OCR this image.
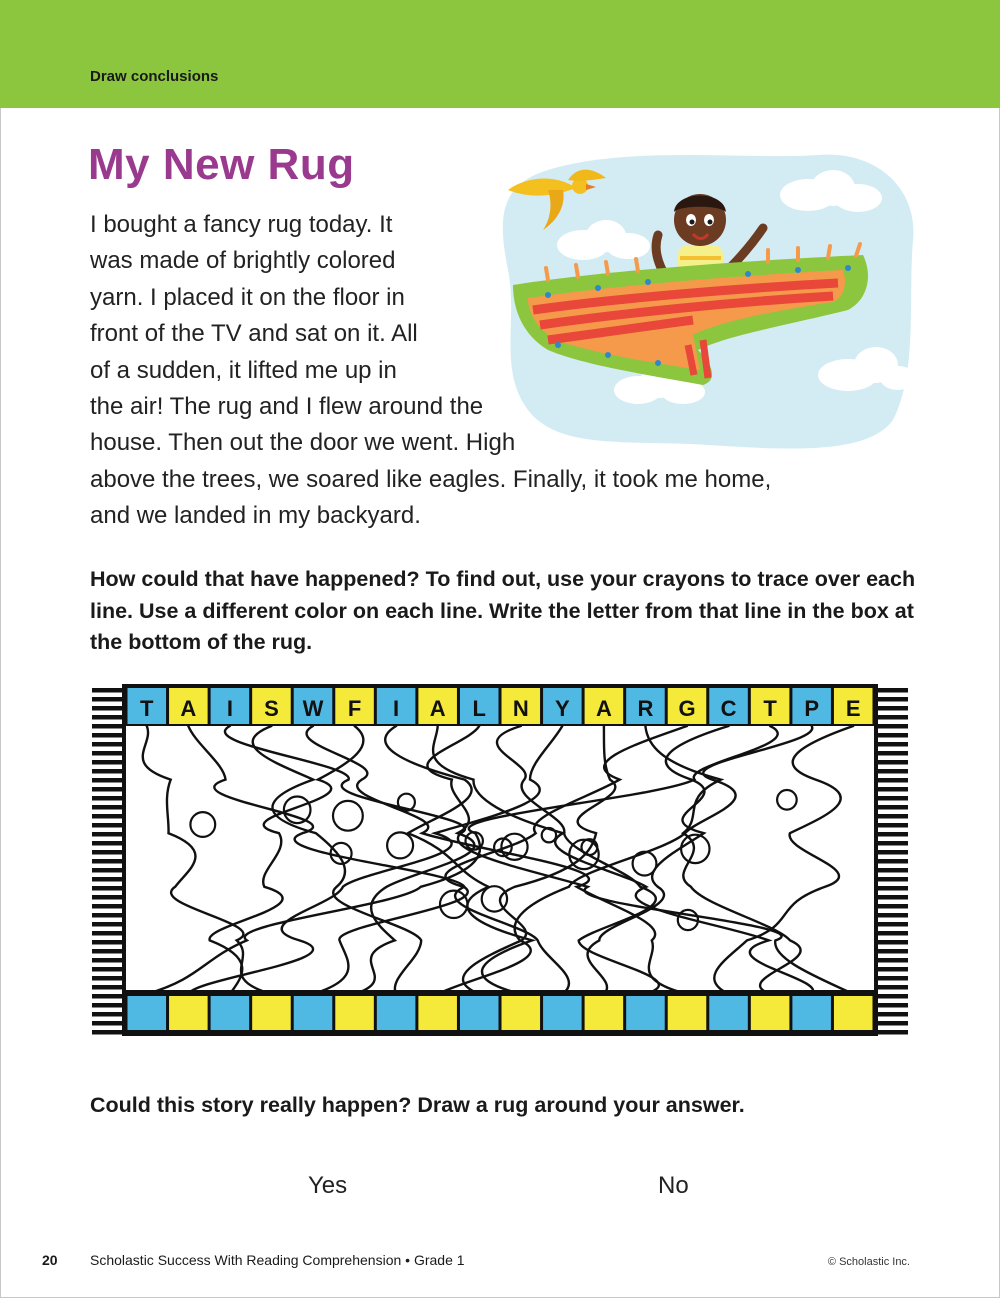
Draw conclusions
My New Rug
I bought a fancy rug today. It
was made of brightly colored
yarn. I placed it on the floor in
front of the TV and sat on it. All
of a sudden, it lifted me up in
the air! The rug and I flew around the
house. Then out the door we went. High
above the trees, we soared like eagles. Finally, it took me home,
and we landed in my backyard.
How could that have happened? To find out, use your crayons to trace over each line. Use a different color on each line. Write the letter from that line in the box at the bottom of the rug.
T A I S W F I A L N Y A R G C T P E
Could this story really happen? Draw a rug around your answer.
Yes	No
20 Scholastic Success With Reading Comprehension • Grade 1	© Scholastic Inc.
